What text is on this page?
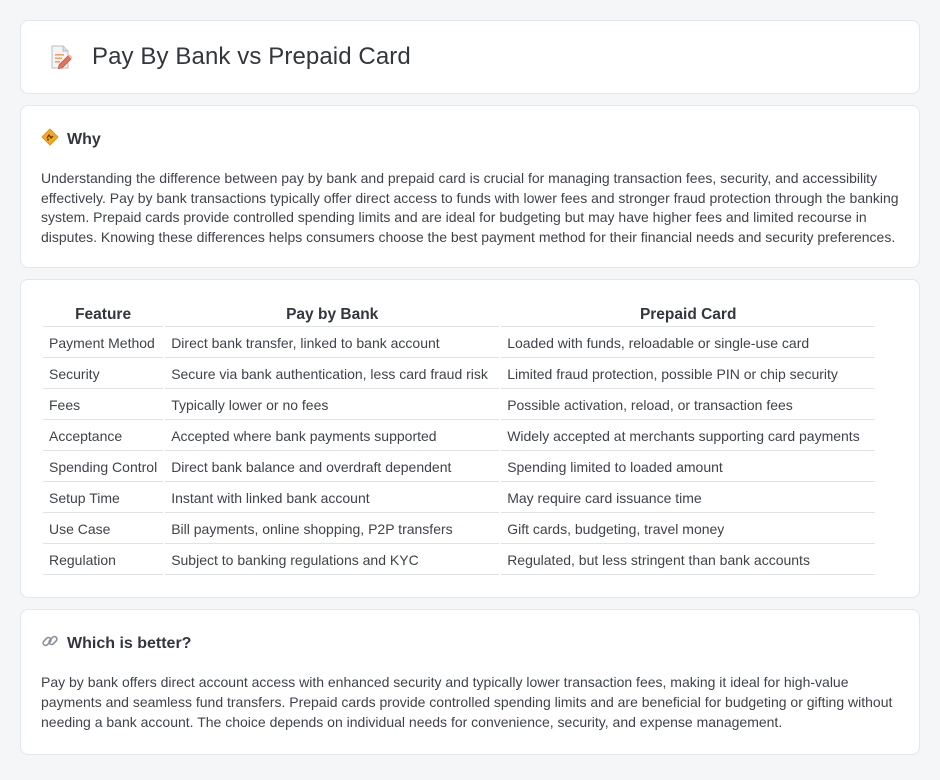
Pay By Bank vs Prepaid Card
Why

Understanding the difference between pay by bank and prepaid card is crucial for managing transaction fees, security, and accessibility effectively. Pay by bank transactions typically offer direct access to funds with lower fees and stronger fraud protection through the banking system. Prepaid cards provide controlled spending limits and are ideal for budgeting but may have higher fees and limited recourse in disputes. Knowing these differences helps consumers choose the best payment method for their financial needs and security preferences.

Feature	Pay by Bank	Prepaid Card
Payment Method	Direct bank transfer, linked to bank account	Loaded with funds, reloadable or single-use card
Security	Secure via bank authentication, less card fraud risk	Limited fraud protection, possible PIN or chip security
Fees	Typically lower or no fees	Possible activation, reload, or transaction fees
Acceptance	Accepted where bank payments supported	Widely accepted at merchants supporting card payments
Spending Control	Direct bank balance and overdraft dependent	Spending limited to loaded amount
Setup Time	Instant with linked bank account	May require card issuance time
Use Case	Bill payments, online shopping, P2P transfers	Gift cards, budgeting, travel money
Regulation	Subject to banking regulations and KYC	Regulated, but less stringent than bank accounts
Which is better?

Pay by bank offers direct account access with enhanced security and typically lower transaction fees, making it ideal for high-value payments and seamless fund transfers. Prepaid cards provide controlled spending limits and are beneficial for budgeting or gifting without needing a bank account. The choice depends on individual needs for convenience, security, and expense management.
